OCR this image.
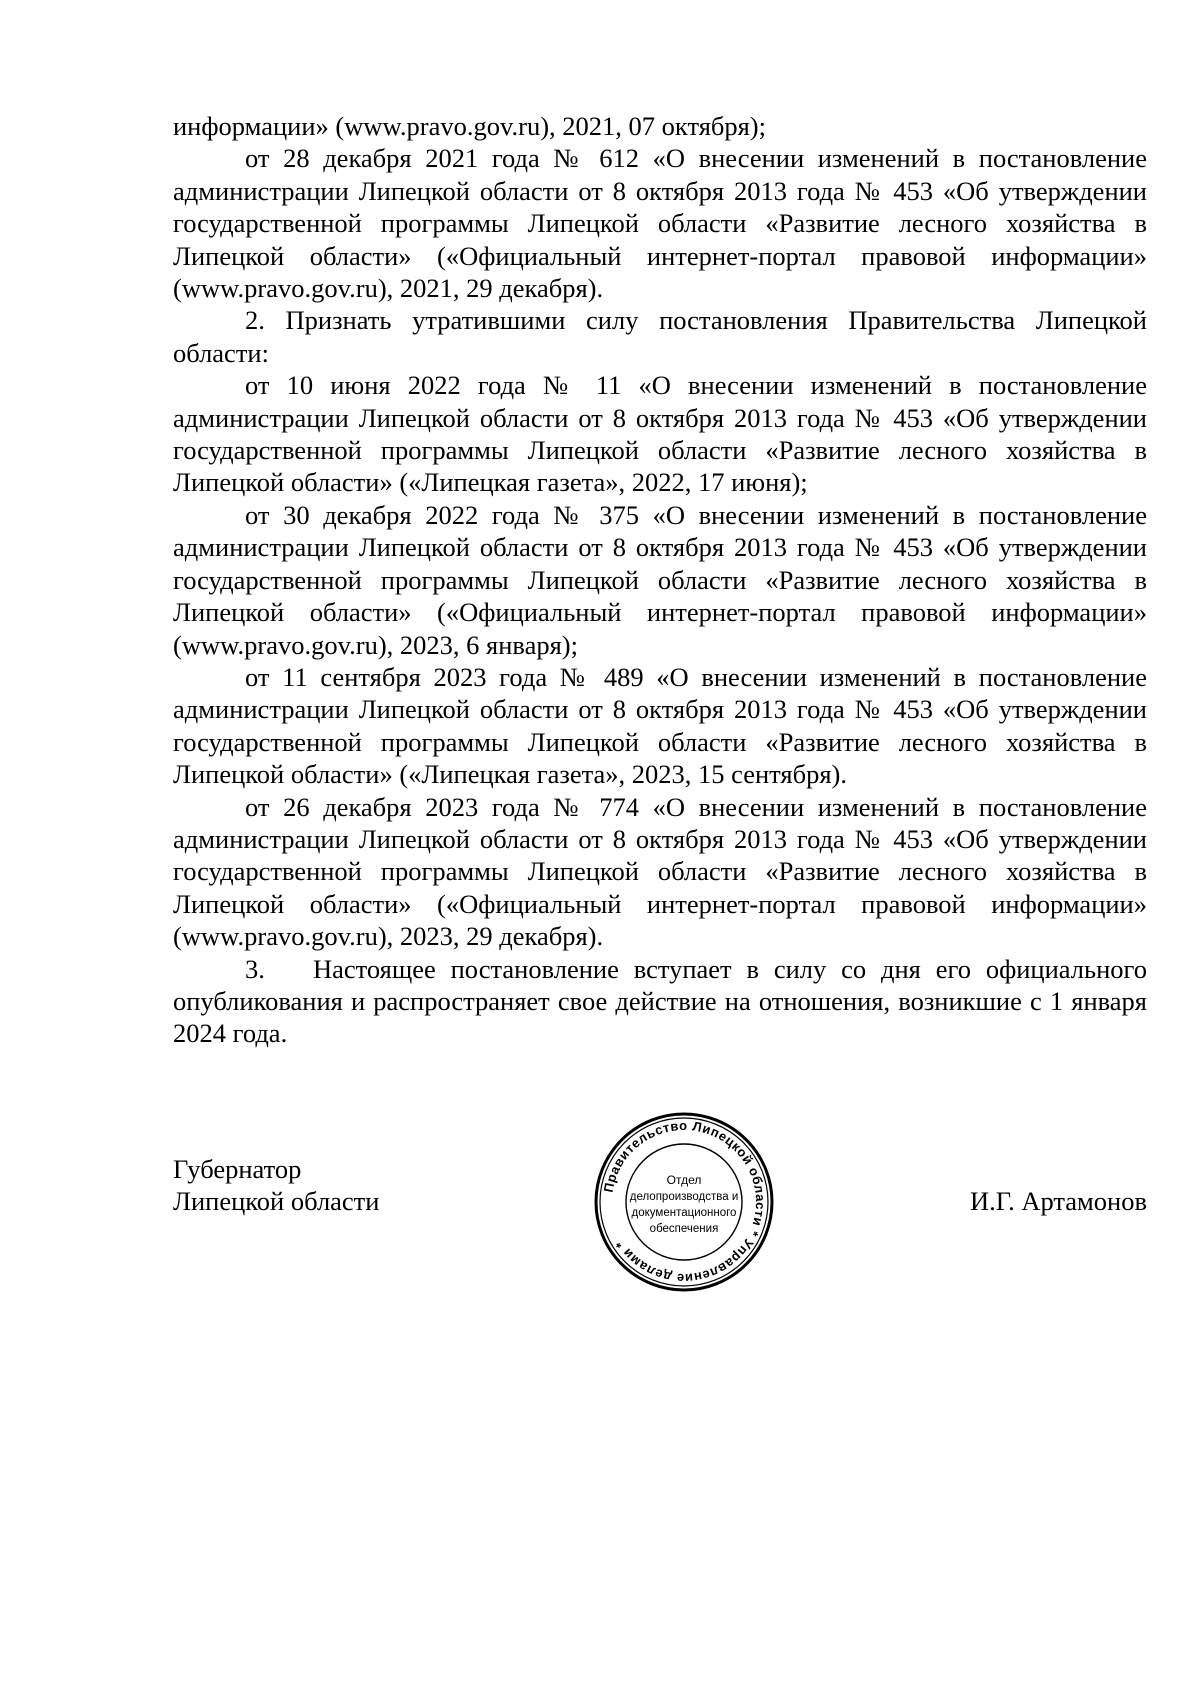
информации» (www.pravo.gov.ru), 2021, 07 октября);

от 28 декабря 2021 года № 612 «О внесении изменений в постановление администрации Липецкой области от 8 октября 2013 года № 453 «Об утверждении государственной программы Липецкой области «Развитие лесного хозяйства в Липецкой области» («Официальный интернет-портал правовой информации» (www.pravo.gov.ru), 2021, 29 декабря).

2. Признать утратившими силу постановления Правительства Липецкой области:

от 10 июня 2022 года № 11 «О внесении изменений в постановление администрации Липецкой области от 8 октября 2013 года № 453 «Об утверждении государственной программы Липецкой области «Развитие лесного хозяйства в Липецкой области» («Липецкая газета», 2022, 17 июня);

от 30 декабря 2022 года № 375 «О внесении изменений в постановление администрации Липецкой области от 8 октября 2013 года № 453 «Об утверждении государственной программы Липецкой области «Развитие лесного хозяйства в Липецкой области» («Официальный интернет-портал правовой информации» (www.pravo.gov.ru), 2023, 6 января);

от 11 сентября 2023 года № 489 «О внесении изменений в постановление администрации Липецкой области от 8 октября 2013 года № 453 «Об утверждении государственной программы Липецкой области «Развитие лесного хозяйства в Липецкой области» («Липецкая газета», 2023, 15 сентября).

от 26 декабря 2023 года № 774 «О внесении изменений в постановление администрации Липецкой области от 8 октября 2013 года № 453 «Об утверждении государственной программы Липецкой области «Развитие лесного хозяйства в Липецкой области» («Официальный интернет-портал правовой информации» (www.pravo.gov.ru), 2023, 29 декабря).

3. Настоящее постановление вступает в силу со дня его официального опубликования и распространяет свое действие на отношения, возникшие с 1 января 2024 года.

Губернатор
Липецкой области	Правительство Липецкой области * Управление делами *
Отдел
делопроизводства и
документационного
обеспечения
И.Г. Артамонов
